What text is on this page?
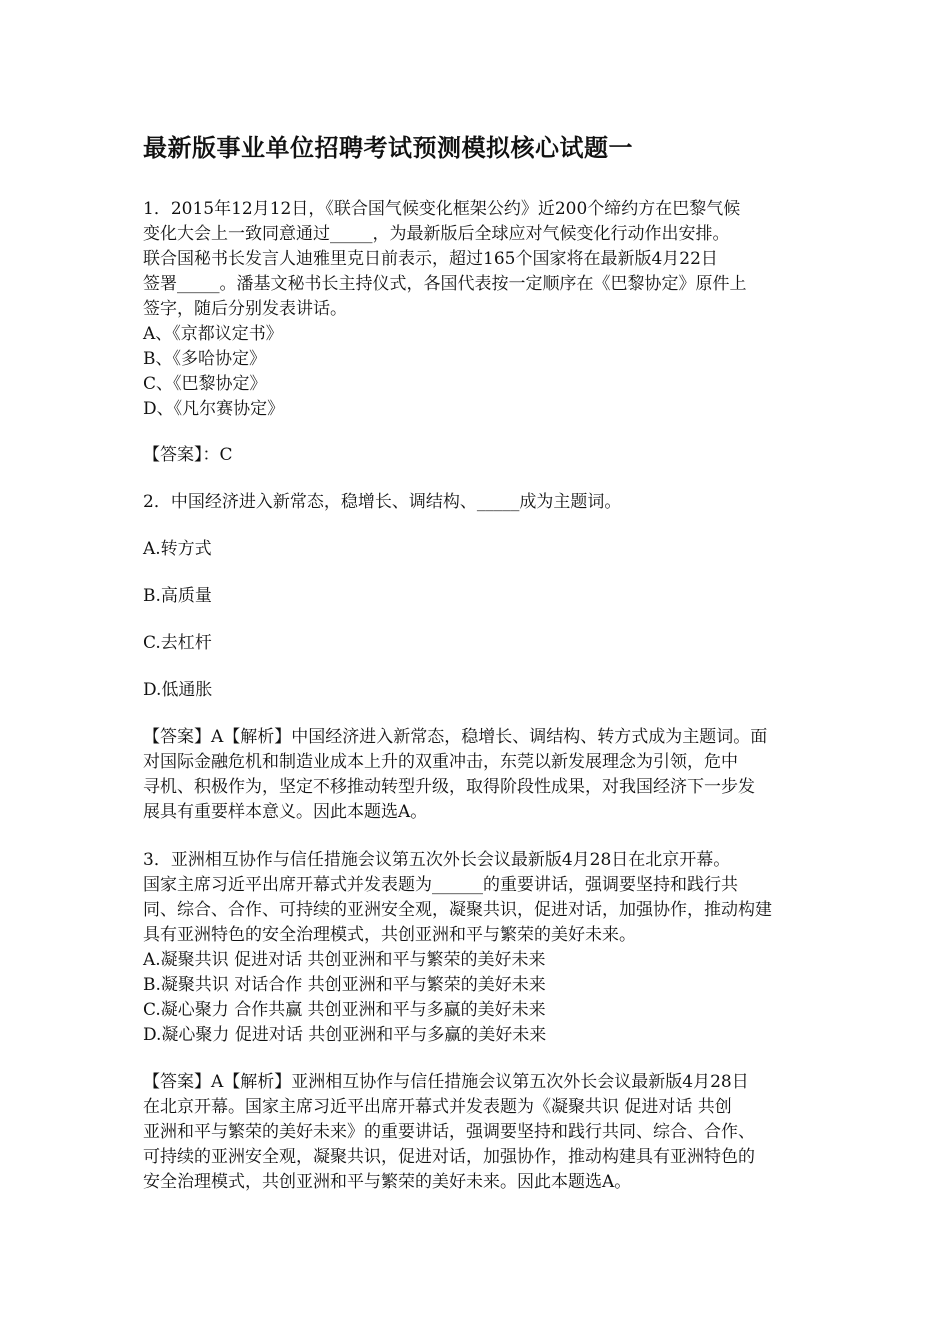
最新版事业单位招聘考试预测模拟核心试题一
1．2015年12月12日，《联合国气候变化框架公约》近200个缔约方在巴黎气候
变化大会上一致同意通过_____，为最新版后全球应对气候变化行动作出安排。
联合国秘书长发言人迪雅里克日前表示，超过165个国家将在最新版4月22日
签署_____。潘基文秘书长主持仪式，各国代表按一定顺序在《巴黎协定》原件上
签字，随后分别发表讲话。
A、《京都议定书》
B、《多哈协定》
C、《巴黎协定》
D、《凡尔赛协定》
【答案】：C
2．中国经济进入新常态，稳增长、调结构、_____成为主题词。
A.转方式
B.高质量
C.去杠杆
D.低通胀
【答案】A【解析】中国经济进入新常态，稳增长、调结构、转方式成为主题词。面
对国际金融危机和制造业成本上升的双重冲击，东莞以新发展理念为引领，危中
寻机、积极作为，坚定不移推动转型升级，取得阶段性成果，对我国经济下一步发
展具有重要样本意义。因此本题选A。
3．亚洲相互协作与信任措施会议第五次外长会议最新版4月28日在北京开幕。
国家主席习近平出席开幕式并发表题为______的重要讲话，强调要坚持和践行共
同、综合、合作、可持续的亚洲安全观，凝聚共识，促进对话，加强协作，推动构建
具有亚洲特色的安全治理模式，共创亚洲和平与繁荣的美好未来。
A.凝聚共识 促进对话 共创亚洲和平与繁荣的美好未来
B.凝聚共识 对话合作 共创亚洲和平与繁荣的美好未来
C.凝心聚力 合作共赢 共创亚洲和平与多赢的美好未来
D.凝心聚力 促进对话 共创亚洲和平与多赢的美好未来
【答案】A【解析】亚洲相互协作与信任措施会议第五次外长会议最新版4月28日
在北京开幕。国家主席习近平出席开幕式并发表题为《凝聚共识 促进对话 共创
亚洲和平与繁荣的美好未来》的重要讲话，强调要坚持和践行共同、综合、合作、
可持续的亚洲安全观，凝聚共识，促进对话，加强协作，推动构建具有亚洲特色的
安全治理模式，共创亚洲和平与繁荣的美好未来。因此本题选A。
